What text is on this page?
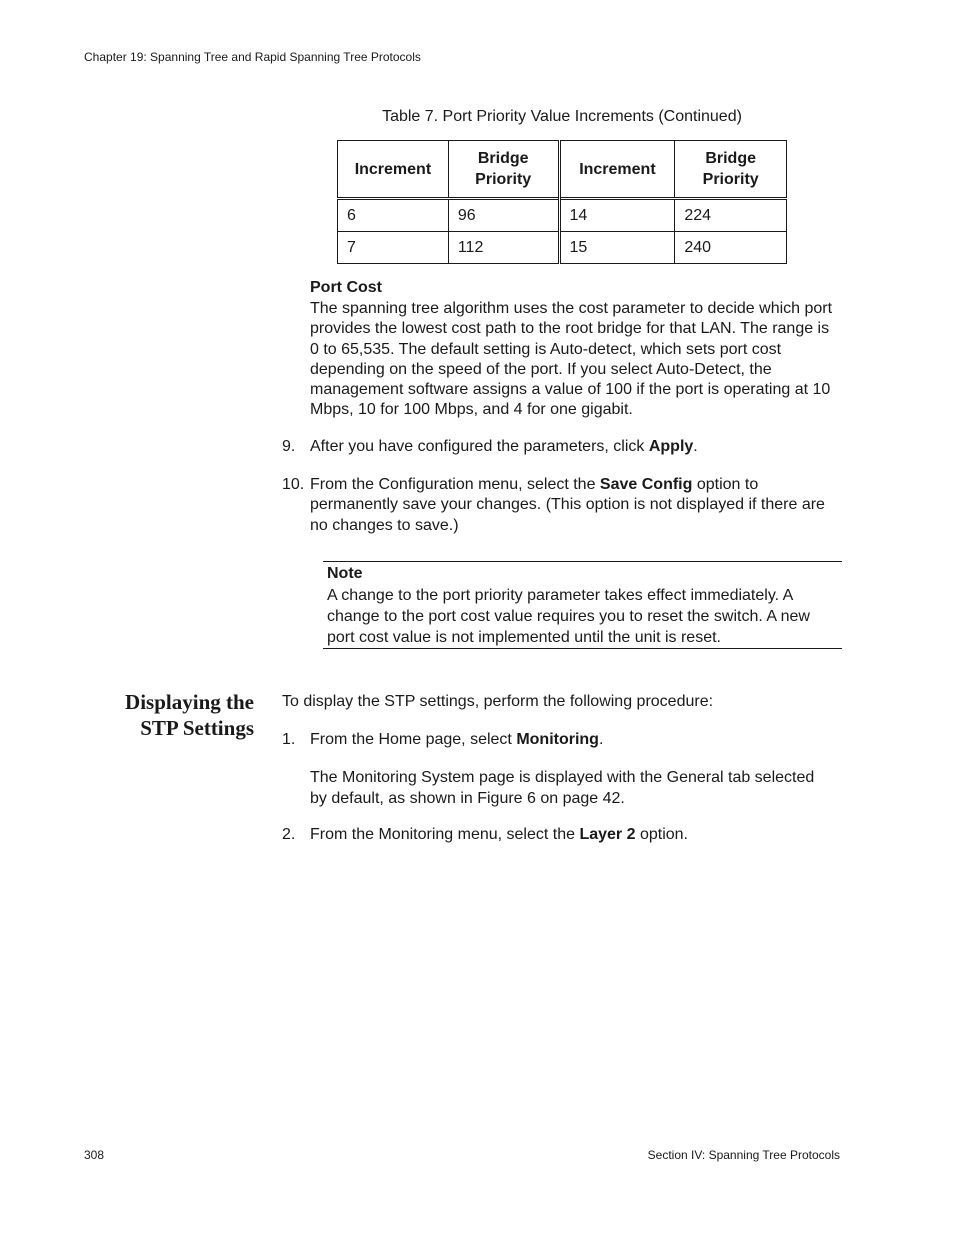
Chapter 19: Spanning Tree and Rapid Spanning Tree Protocols
Table 7. Port Priority Value Increments (Continued)
Increment	Bridge Priority	Increment	Bridge Priority
6	96	14	224
7	112	15	240
Port Cost
The spanning tree algorithm uses the cost parameter to decide which port provides the lowest cost path to the root bridge for that LAN. The range is 0 to 65,535. The default setting is Auto-detect, which sets port cost depending on the speed of the port. If you select Auto-Detect, the management software assigns a value of 100 if the port is operating at 10 Mbps, 10 for 100 Mbps, and 4 for one gigabit.
9. After you have configured the parameters, click Apply.
10. From the Configuration menu, select the Save Config option to permanently save your changes. (This option is not displayed if there are no changes to save.)
Note
A change to the port priority parameter takes effect immediately. A change to the port cost value requires you to reset the switch. A new port cost value is not implemented until the unit is reset.
Displaying the
STP Settings
To display the STP settings, perform the following procedure:
1. From the Home page, select Monitoring.
The Monitoring System page is displayed with the General tab selected by default, as shown in Figure 6 on page 42.
2. From the Monitoring menu, select the Layer 2 option.
308	Section IV: Spanning Tree Protocols
